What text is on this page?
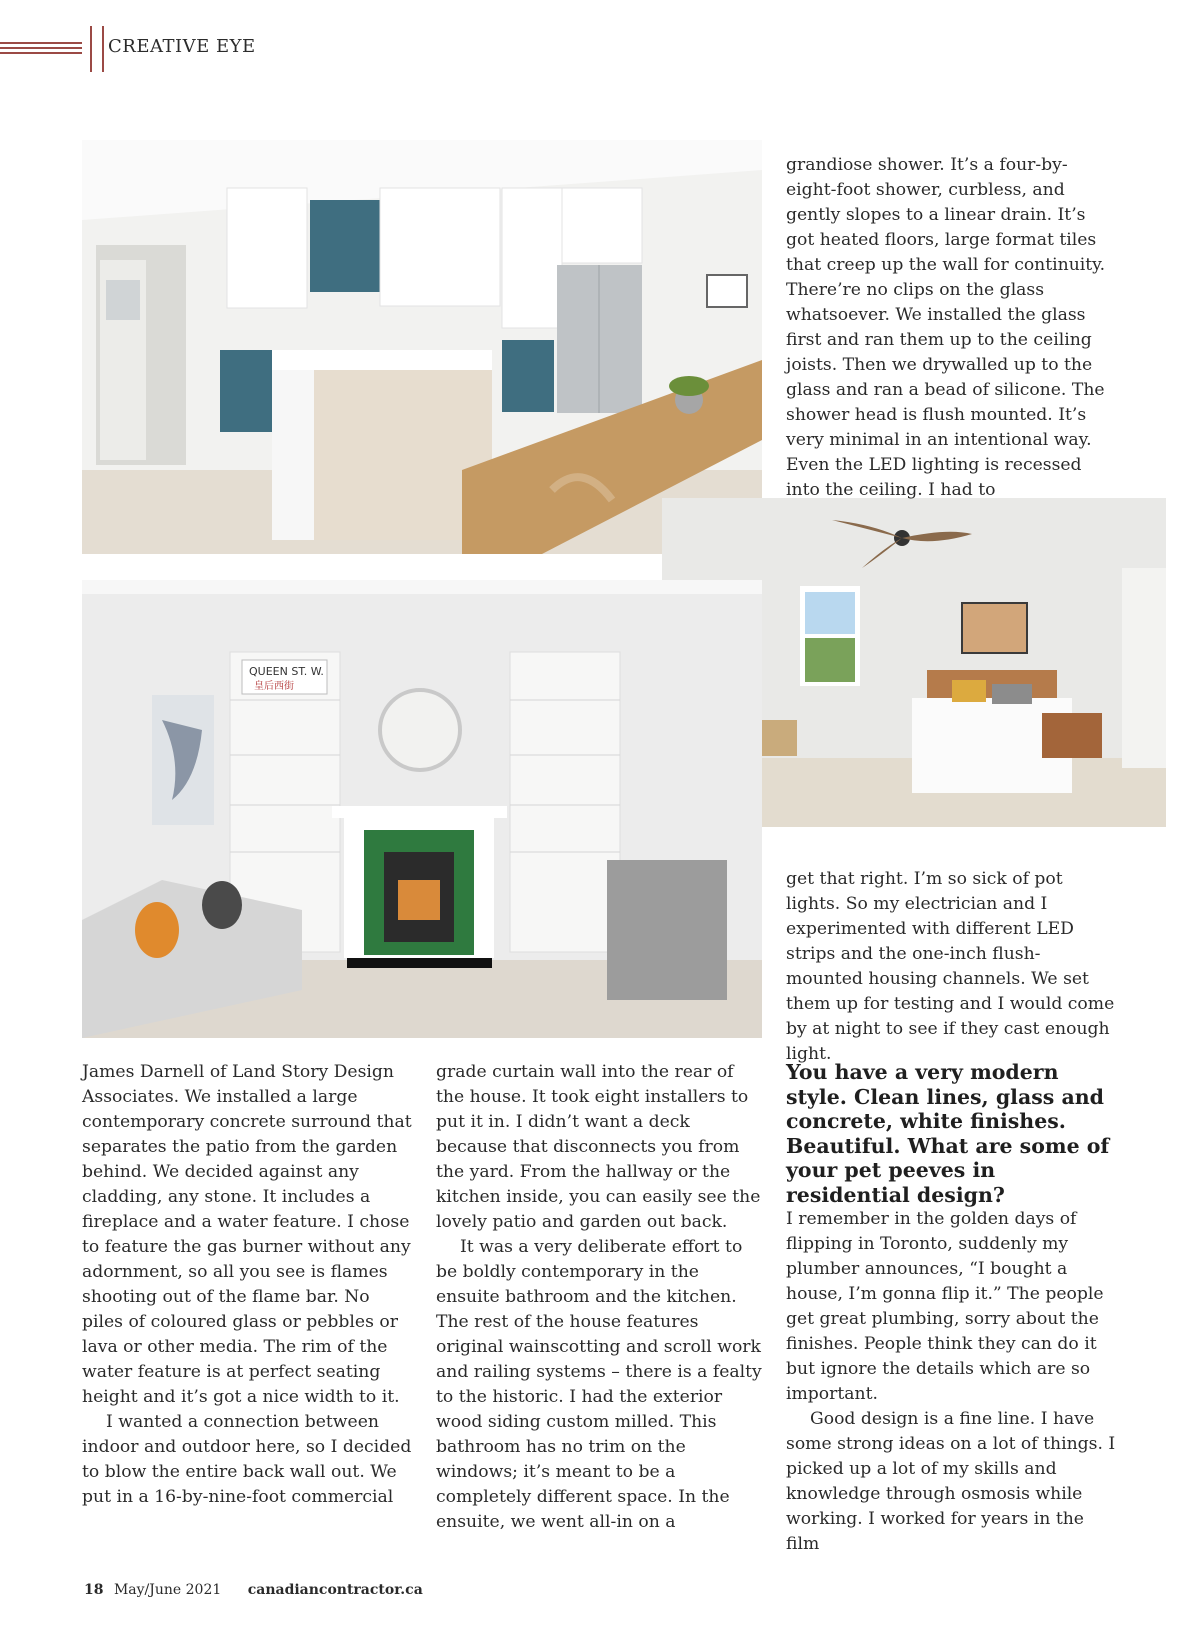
CREATIVE EYE
QUEEN ST. W.
皇后西街

grandiose shower. It’s a four-by-eight-foot shower, curbless, and gently slopes to a linear drain. It’s got heated floors, large format tiles that creep up the wall for continuity. There’re no clips on the glass whatsoever. We installed the glass first and ran them up to the ceiling joists. Then we drywalled up to the glass and ran a bead of silicone. The shower head is flush mounted. It’s very minimal in an intentional way. Even the LED lighting is recessed into the ceiling. I had to

get that right. I’m so sick of pot lights. So my electrician and I experimented with different LED strips and the one-inch flush-mounted housing channels. We set them up for testing and I would come by at night to see if they cast enough light.

You have a very modern style. Clean lines, glass and concrete, white finishes. Beautiful. What are some of your pet peeves in residential design?

I remember in the golden days of flipping in Toronto, suddenly my plumber announces, “I bought a house, I’m gonna flip it.” The people get great plumbing, sorry about the finishes. People think they can do it but ignore the details which are so important.

Good design is a fine line. I have some strong ideas on a lot of things. I picked up a lot of my skills and knowledge through osmosis while working. I worked for years in the film

James Darnell of Land Story Design Associates. We installed a large contemporary concrete surround that separates the patio from the garden behind. We decided against any cladding, any stone. It includes a fireplace and a water feature. I chose to feature the gas burner without any adornment, so all you see is flames shooting out of the flame bar. No piles of coloured glass or pebbles or lava or other media. The rim of the water feature is at perfect seating height and it’s got a nice width to it.

I wanted a connection between indoor and outdoor here, so I decided to blow the entire back wall out. We put in a 16-by-nine-foot commercial

grade curtain wall into the rear of the house. It took eight installers to put it in. I didn’t want a deck because that disconnects you from the yard. From the hallway or the kitchen inside, you can easily see the lovely patio and garden out back.

It was a very deliberate effort to be boldly contemporary in the ensuite bathroom and the kitchen. The rest of the house features original wainscotting and scroll work and railing systems – there is a fealty to the historic. I had the exterior wood siding custom milled. This bathroom has no trim on the windows; it’s meant to be a completely different space. In the ensuite, we went all-in on a

18 May/June 2021 canadiancontractor.ca
